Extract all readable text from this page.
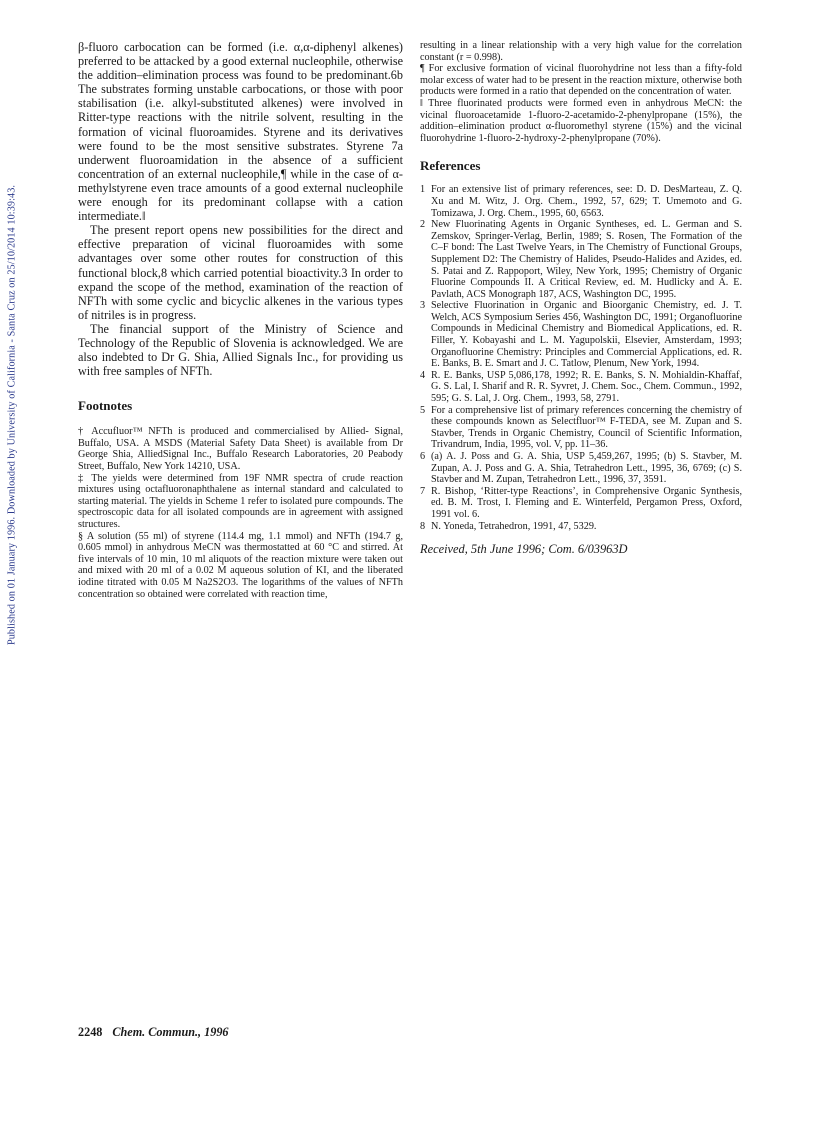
Published on 01 January 1996. Downloaded by University of California - Santa Cruz on 25/10/2014 10:39:43.

β-fluoro carbocation can be formed (i.e. α,α-diphenyl alkenes) preferred to be attacked by a good external nucleophile, otherwise the addition–elimination process was found to be predominant.6b The substrates forming unstable carbocations, or those with poor stabilisation (i.e. alkyl-substituted alkenes) were involved in Ritter-type reactions with the nitrile solvent, resulting in the formation of vicinal fluoroamides. Styrene and its derivatives were found to be the most sensitive substrates. Styrene 7a underwent fluoroamidation in the absence of a sufficient concentration of an external nucleophile,¶ while in the case of α-methylstyrene even trace amounts of a good external nucleophile were enough for its predominant collapse with a cation intermediate.‖

The present report opens new possibilities for the direct and effective preparation of vicinal fluoroamides with some advantages over some other routes for construction of this functional block,8 which carried potential bioactivity.3 In order to expand the scope of the method, examination of the reaction of NFTh with some cyclic and bicyclic alkenes in the various types of nitriles is in progress.

The financial support of the Ministry of Science and Technology of the Republic of Slovenia is acknowledged. We are also indebted to Dr G. Shia, Allied Signals Inc., for providing us with free samples of NFTh.

Footnotes

† Accufluor™ NFTh is produced and commercialised by Allied- Signal, Buffalo, USA. A MSDS (Material Safety Data Sheet) is available from Dr George Shia, AlliedSignal Inc., Buffalo Research Laboratories, 20 Peabody Street, Buffalo, New York 14210, USA.

‡ The yields were determined from 19F NMR spectra of crude reaction mixtures using octafluoronaphthalene as internal standard and calculated to starting material. The yields in Scheme 1 refer to isolated pure compounds. The spectroscopic data for all isolated compounds are in agreement with assigned structures.

§ A solution (55 ml) of styrene (114.4 mg, 1.1 mmol) and NFTh (194.7 g, 0.605 mmol) in anhydrous MeCN was thermostatted at 60 °C and stirred. At five intervals of 10 min, 10 ml aliquots of the reaction mixture were taken out and mixed with 20 ml of a 0.02 M aqueous solution of KI, and the liberated iodine titrated with 0.05 M Na2S2O3. The logarithms of the values of NFTh concentration so obtained were correlated with reaction time,

resulting in a linear relationship with a very high value for the correlation constant (r = 0.998).

¶ For exclusive formation of vicinal fluorohydrine not less than a fifty-fold molar excess of water had to be present in the reaction mixture, otherwise both products were formed in a ratio that depended on the concentration of water.

‖ Three fluorinated products were formed even in anhydrous MeCN: the vicinal fluoroacetamide 1-fluoro-2-acetamido-2-phenylpropane (15%), the addition–elimination product α-fluoromethyl styrene (15%) and the vicinal fluorohydrine 1-fluoro-2-hydroxy-2-phenylpropane (70%).

References

1 For an extensive list of primary references, see: D. D. DesMarteau, Z. Q. Xu and M. Witz, J. Org. Chem., 1992, 57, 629; T. Umemoto and G. Tomizawa, J. Org. Chem., 1995, 60, 6563.
2 New Fluorinating Agents in Organic Syntheses, ed. L. German and S. Zemskov, Springer-Verlag, Berlin, 1989; S. Rosen, The Formation of the C–F bond: The Last Twelve Years, in The Chemistry of Functional Groups, Supplement D2: The Chemistry of Halides, Pseudo-Halides and Azides, ed. S. Patai and Z. Rappoport, Wiley, New York, 1995; Chemistry of Organic Fluorine Compounds II. A Critical Review, ed. M. Hudlicky and A. E. Pavlath, ACS Monograph 187, ACS, Washington DC, 1995.
3 Selective Fluorination in Organic and Bioorganic Chemistry, ed. J. T. Welch, ACS Symposium Series 456, Washington DC, 1991; Organofluorine Compounds in Medicinal Chemistry and Biomedical Applications, ed. R. Filler, Y. Kobayashi and L. M. Yagupolskii, Elsevier, Amsterdam, 1993; Organofluorine Chemistry: Principles and Commercial Applications, ed. R. E. Banks, B. E. Smart and J. C. Tatlow, Plenum, New York, 1994.
4 R. E. Banks, USP 5,086,178, 1992; R. E. Banks, S. N. Mohialdin-Khaffaf, G. S. Lal, I. Sharif and R. R. Syvret, J. Chem. Soc., Chem. Commun., 1992, 595; G. S. Lal, J. Org. Chem., 1993, 58, 2791.
5 For a comprehensive list of primary references concerning the chemistry of these compounds known as Selectfluor™ F-TEDA, see M. Zupan and S. Stavber, Trends in Organic Chemistry, Council of Scientific Information, Trivandrum, India, 1995, vol. V, pp. 11–36.
6 (a) A. J. Poss and G. A. Shia, USP 5,459,267, 1995; (b) S. Stavber, M. Zupan, A. J. Poss and G. A. Shia, Tetrahedron Lett., 1995, 36, 6769; (c) S. Stavber and M. Zupan, Tetrahedron Lett., 1996, 37, 3591.
7 R. Bishop, ‘Ritter-type Reactions’, in Comprehensive Organic Synthesis, ed. B. M. Trost, I. Fleming and E. Winterfeld, Pergamon Press, Oxford, 1991 vol. 6.
8 N. Yoneda, Tetrahedron, 1991, 47, 5329.

Received, 5th June 1996; Com. 6/03963D

2248 Chem. Commun., 1996
